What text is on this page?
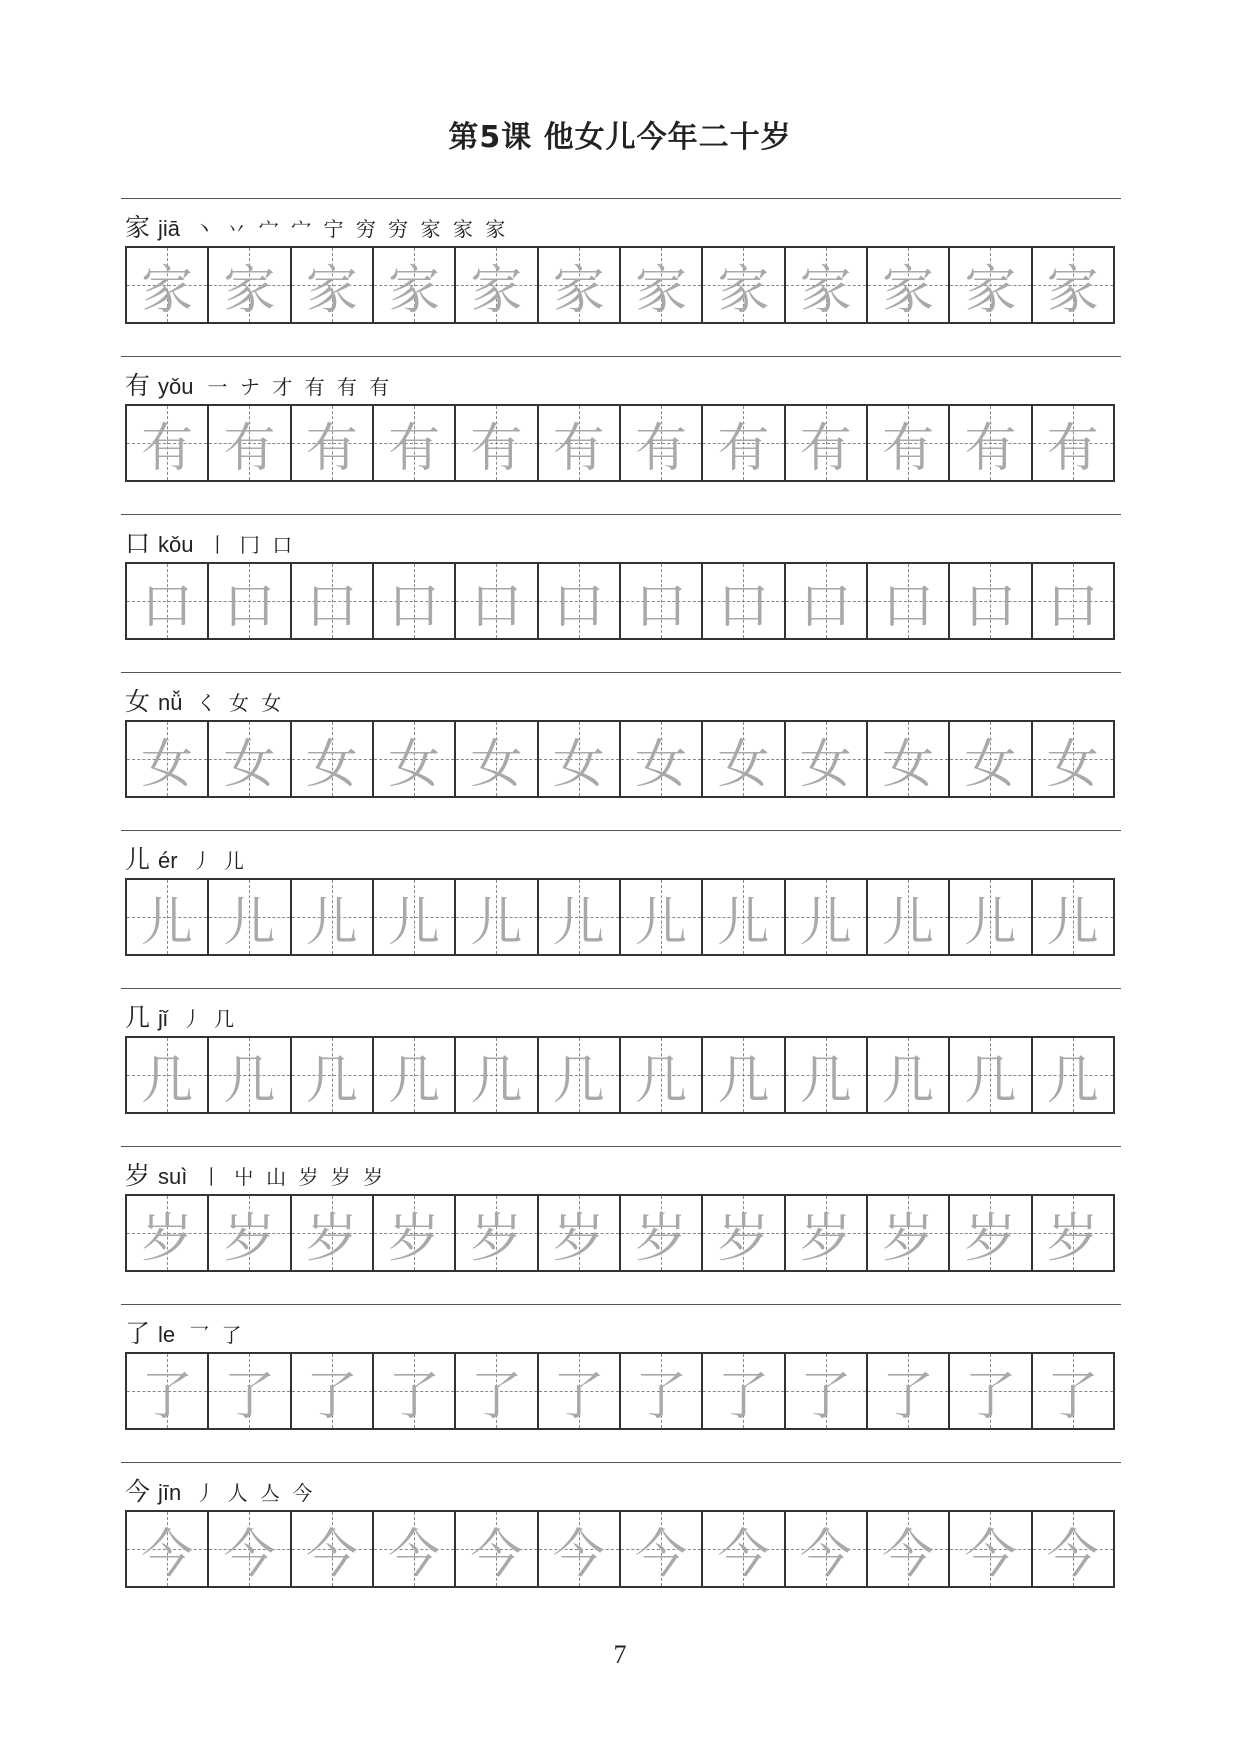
第5课 他女儿今年二十岁
家 jiā 丶 丷 宀 宀 宁 穷 穷 家 家 家
家 家 家 家 家 家 家 家 家 家 家 家
有 yǒu 一 ナ 才 有 有 有
有 有 有 有 有 有 有 有 有 有 有 有
口 kǒu 丨 冂 口
口 口 口 口 口 口 口 口 口 口 口 口
女 nǚ く 女 女
女 女 女 女 女 女 女 女 女 女 女 女
儿 ér 丿 儿
儿 儿 儿 儿 儿 儿 儿 儿 儿 儿 儿 儿
几 jǐ 丿 几
几 几 几 几 几 几 几 几 几 几 几 几
岁 suì 丨 屮 山 岁 岁 岁
岁 岁 岁 岁 岁 岁 岁 岁 岁 岁 岁 岁
了 le 乛 了
了 了 了 了 了 了 了 了 了 了 了 了
今 jīn 丿 人 亼 今
今 今 今 今 今 今 今 今 今 今 今 今
7
